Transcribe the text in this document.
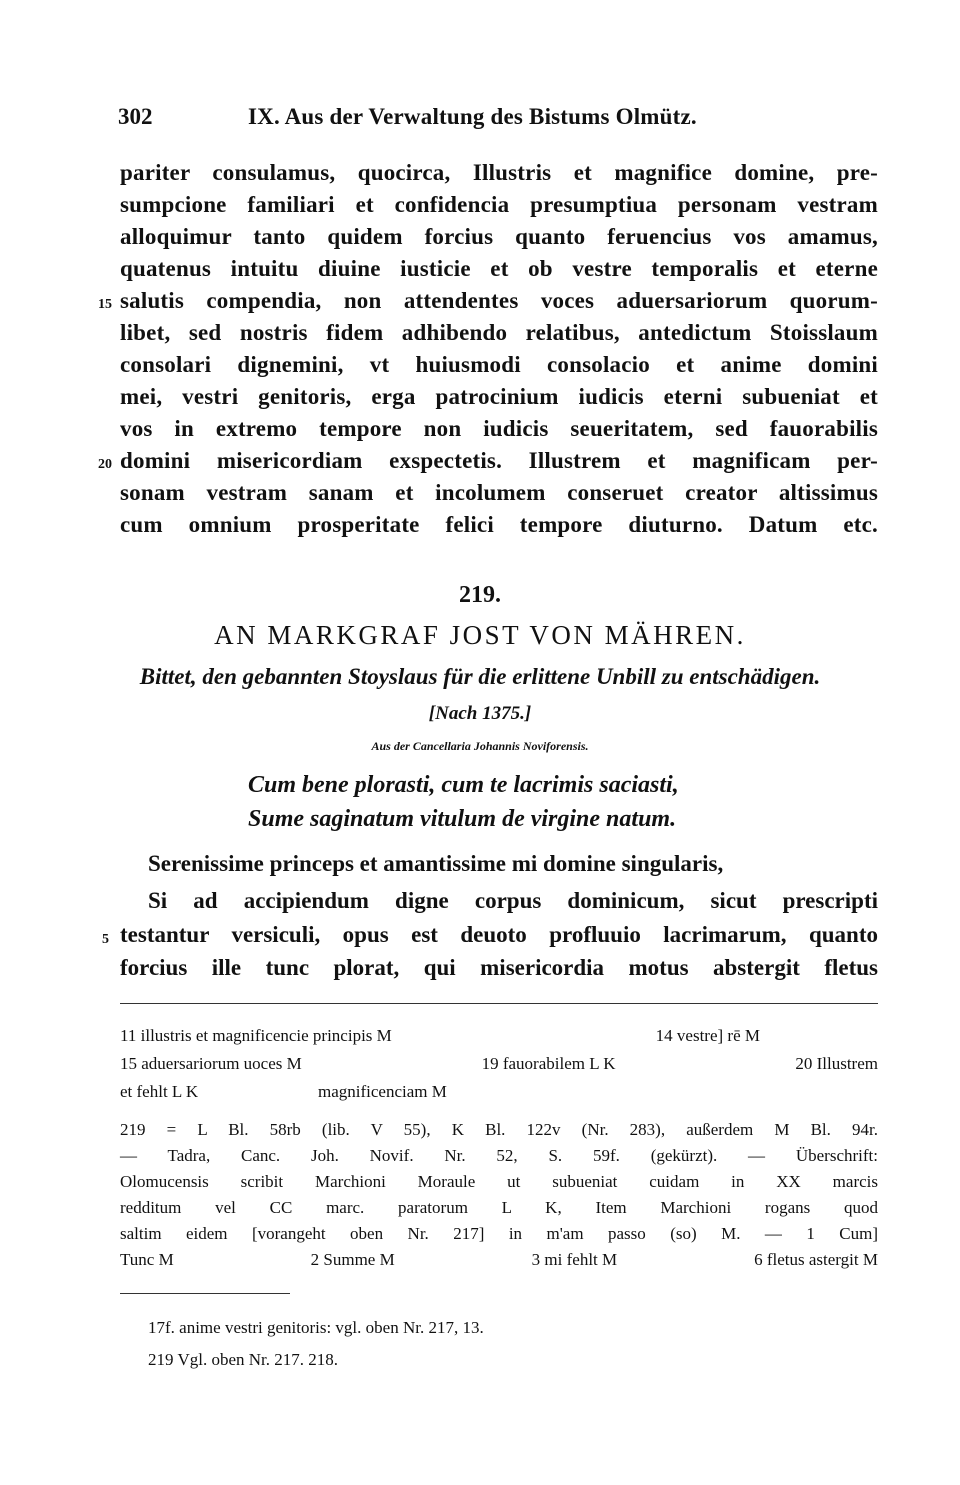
302	IX. Aus der Verwaltung des Bistums Olmütz.
pariter consulamus, quocirca, Illustris et magnifice domine, pre-
sumpcione familiari et confidencia presumptiua personam vestram
alloquimur tanto quidem forcius quanto feruencius vos amamus,
quatenus intuitu diuine iusticie et ob vestre temporalis et eterne
salutis compendia, non attendentes voces aduersariorum quorum-
libet, sed nostris fidem adhibendo relatibus, antedictum Stoisslaum
consolari dignemini, vt huiusmodi consolacio et anime domini
mei, vestri genitoris, erga patrocinium iudicis eterni subueniat et
vos in extremo tempore non iudicis seueritatem, sed fauorabilis
domini misericordiam exspectetis. Illustrem et magnificam per-
sonam vestram sanam et incolumem conseruet creator altissimus
cum omnium prosperitate felici tempore diuturno. Datum etc.
15
20
219.
AN MARKGRAF JOST VON MÄHREN.
Bittet, den gebannten Stoyslaus für die erlittene Unbill zu entschädigen.
[Nach 1375.]
Aus der Cancellaria Johannis Noviforensis.
Cum bene plorasti, cum te lacrimis saciasti,
Sume saginatum vitulum de virgine natum.
Serenissime princeps et amantissime mi domine singularis,
Si ad accipiendum digne corpus dominicum, sicut prescripti
testantur versiculi, opus est deuoto profluuio lacrimarum, quanto
forcius ille tunc plorat, qui misericordia motus abstergit fletus
5
11 illustris et magnificencie principis M	14 vestre] rē M
15 aduersariorum uoces M	19 fauorabilem L K	20 Illustrem
et fehlt L K	magnificenciam M
219 = L Bl. 58rb (lib. V 55), K Bl. 122v (Nr. 283), außerdem M Bl. 94r.
— Tadra, Canc. Joh. Novif. Nr. 52, S. 59f. (gekürzt). — Überschrift:
Olomucensis scribit Marchioni Moraule ut subueniat cuidam in XX marcis
redditum vel CC marc. paratorum L K, Item Marchioni rogans quod
saltim eidem [vorangeht oben Nr. 217] in m'am passo (so) M. — 1 Cum]
Tunc M	2 Summe M	3 mi fehlt M	6 fletus astergit M
17f. anime vestri genitoris: vgl. oben Nr. 217, 13.
219 Vgl. oben Nr. 217. 218.
